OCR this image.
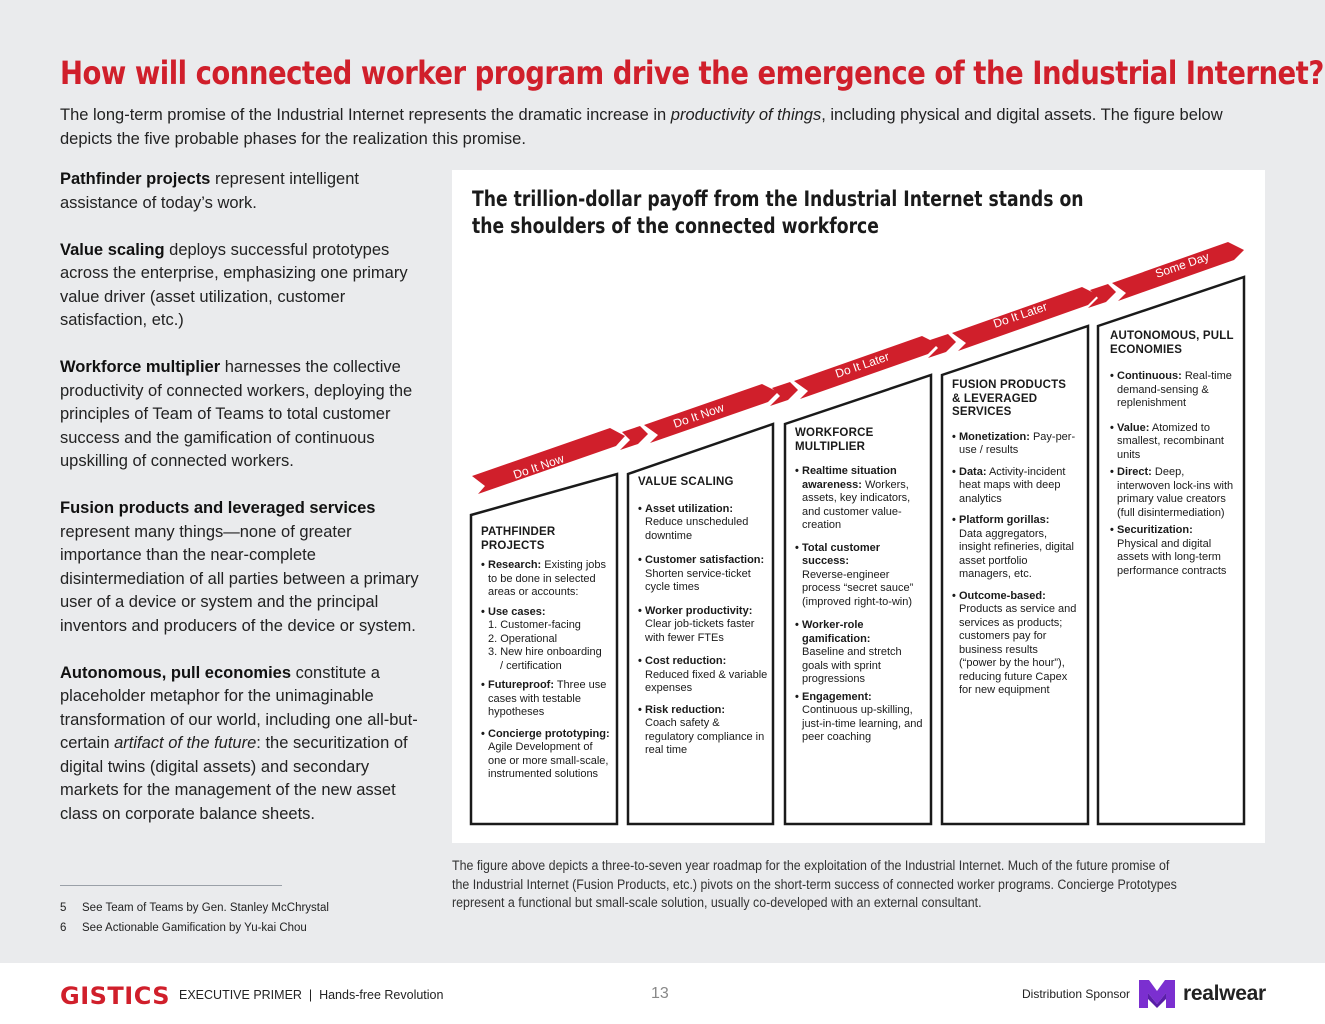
How will connected worker program drive the emergence of the Industrial Internet?

The long-term promise of the Industrial Internet represents the dramatic increase in productivity of things, including physical and digital assets. The figure below depicts the five probable phases for the realization this promise.

Pathfinder projects represent intelligent assistance of today’s work.

Value scaling deploys successful prototypes across the enterprise, emphasizing one primary value driver (asset utilization, customer satisfaction, etc.)

Workforce multiplier harnesses the collective productivity of connected workers, deploying the principles of Team of Teams to total customer success and the gamification of continuous upskilling of connected workers.

Fusion products and leveraged services
represent many things—none of greater importance than the near-complete disintermediation of all parties between a primary user of a device or system and the principal inventors and producers of the device or system.

Autonomous, pull economies constitute a placeholder metaphor for the unimaginable transformation of our world, including one all-but-certain artifact of the future: the securitization of digital twins (digital assets) and secondary markets for the management of the new asset class on corporate balance sheets.

5 See Team of Teams by Gen. Stanley McChrystal
6 See Actionable Gamification by Yu-kai Chou
The trillion-dollar payoff from the Industrial Internet stands on the shoulders of the connected workforce
Do It Now
Do It Now
Do It Later
Do It Later
Some Day
PATHFINDER PROJECTS
• Research: Existing jobs to be done in selected areas or accounts:
• Use cases:
1. Customer-facing
2. Operational
3. New hire onboarding
/ certification
• Futureproof: Three use cases with testable hypotheses
• Concierge prototyping:
Agile Development of one or more small-scale, instrumented solutions
VALUE SCALING
• Asset utilization:
Reduce unscheduled downtime
• Customer satisfaction:
Shorten service-ticket cycle times
• Worker productivity:
Clear job-tickets faster with fewer FTEs
• Cost reduction:
Reduced fixed & variable expenses
• Risk reduction:
Coach safety & regulatory compliance in real time
WORKFORCE MULTIPLIER
• Realtime situation awareness: Workers, assets, key indicators, and customer value-creation
• Total customer success:
Reverse-engineer process “secret sauce” (improved right-to-win)
• Worker-role gamification:
Baseline and stretch goals with sprint progressions
• Engagement:
Continuous up-skilling, just-in-time learning, and peer coaching
FUSION PRODUCTS & LEVERAGED SERVICES
• Monetization: Pay-per-use / results
• Data: Activity-incident heat maps with deep analytics
• Platform gorillas:
Data aggregators, insight refineries, digital asset portfolio managers, etc.
• Outcome-based:
Products as service and services as products; customers pay for business results (“power by the hour”), reducing future Capex for new equipment
AUTONOMOUS, PULL ECONOMIES
• Continuous: Real-time demand-sensing & replenishment
• Value: Atomized to smallest, recombinant units
• Direct: Deep, interwoven lock-ins with primary value creators (full disintermediation)
• Securitization:
Physical and digital assets with long-term performance contracts

The figure above depicts a three-to-seven year roadmap for the exploitation of the Industrial Internet. Much of the future promise of the Industrial Internet (Fusion Products, etc.) pivots on the short-term success of connected worker programs. Concierge Prototypes represent a functional but small-scale solution, usually co-developed with an external consultant.

GISTICS EXECUTIVE PRIMER  |  Hands-free Revolution	13	Distribution Sponsor	realwear
